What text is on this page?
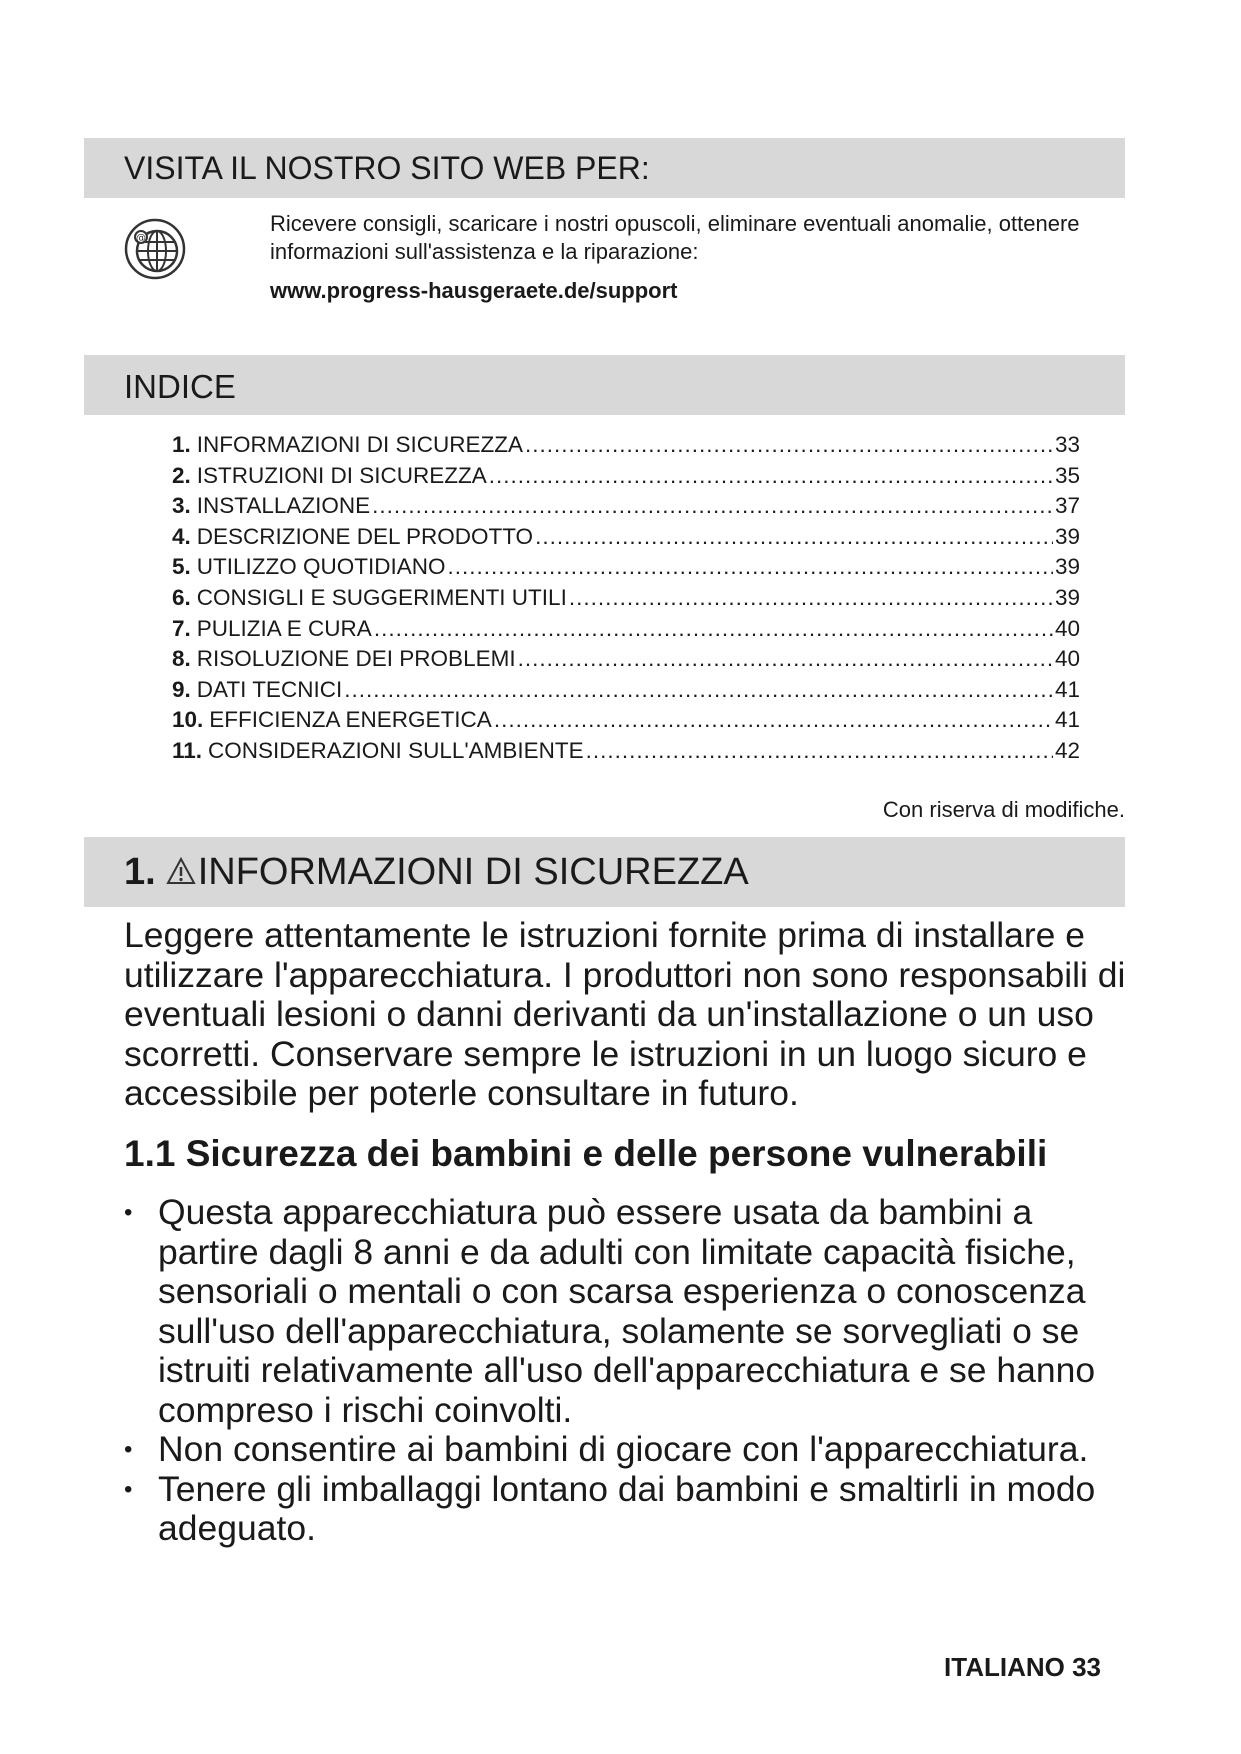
VISITA IL NOSTRO SITO WEB PER:
@
Ricevere consigli, scaricare i nostri opuscoli, eliminare eventuali anomalie, ottenere informazioni sull'assistenza e la riparazione:
www.progress-hausgeraete.de/support
INDICE
1. INFORMAZIONI DI SICUREZZA .....	33
2. ISTRUZIONI DI SICUREZZA .....	35
3. INSTALLAZIONE .....	37
4. DESCRIZIONE DEL PRODOTTO .....	39
5. UTILIZZO QUOTIDIANO .....	39
6. CONSIGLI E SUGGERIMENTI UTILI .....	39
7. PULIZIA E CURA .....	40
8. RISOLUZIONE DEI PROBLEMI .....	40
9. DATI TECNICI .....	41
10. EFFICIENZA ENERGETICA .....	41
11. CONSIDERAZIONI SULL'AMBIENTE .....	42
Con riserva di modifiche.
1. INFORMAZIONI DI SICUREZZA

Leggere attentamente le istruzioni fornite prima di installare e utilizzare l'apparecchiatura. I produttori non sono responsabili di eventuali lesioni o danni derivanti da un'installazione o un uso scorretti. Conservare sempre le istruzioni in un luogo sicuro e accessibile per poterle consultare in futuro.

1.1 Sicurezza dei bambini e delle persone vulnerabili
• Questa apparecchiatura può essere usata da bambini a partire dagli 8 anni e da adulti con limitate capacità fisiche, sensoriali o mentali o con scarsa esperienza o conoscenza sull'uso dell'apparecchiatura, solamente se sorvegliati o se istruiti relativamente all'uso dell'apparecchiatura e se hanno compreso i rischi coinvolti.
• Non consentire ai bambini di giocare con l'apparecchiatura.
• Tenere gli imballaggi lontano dai bambini e smaltirli in modo adeguato.
ITALIANO 33
